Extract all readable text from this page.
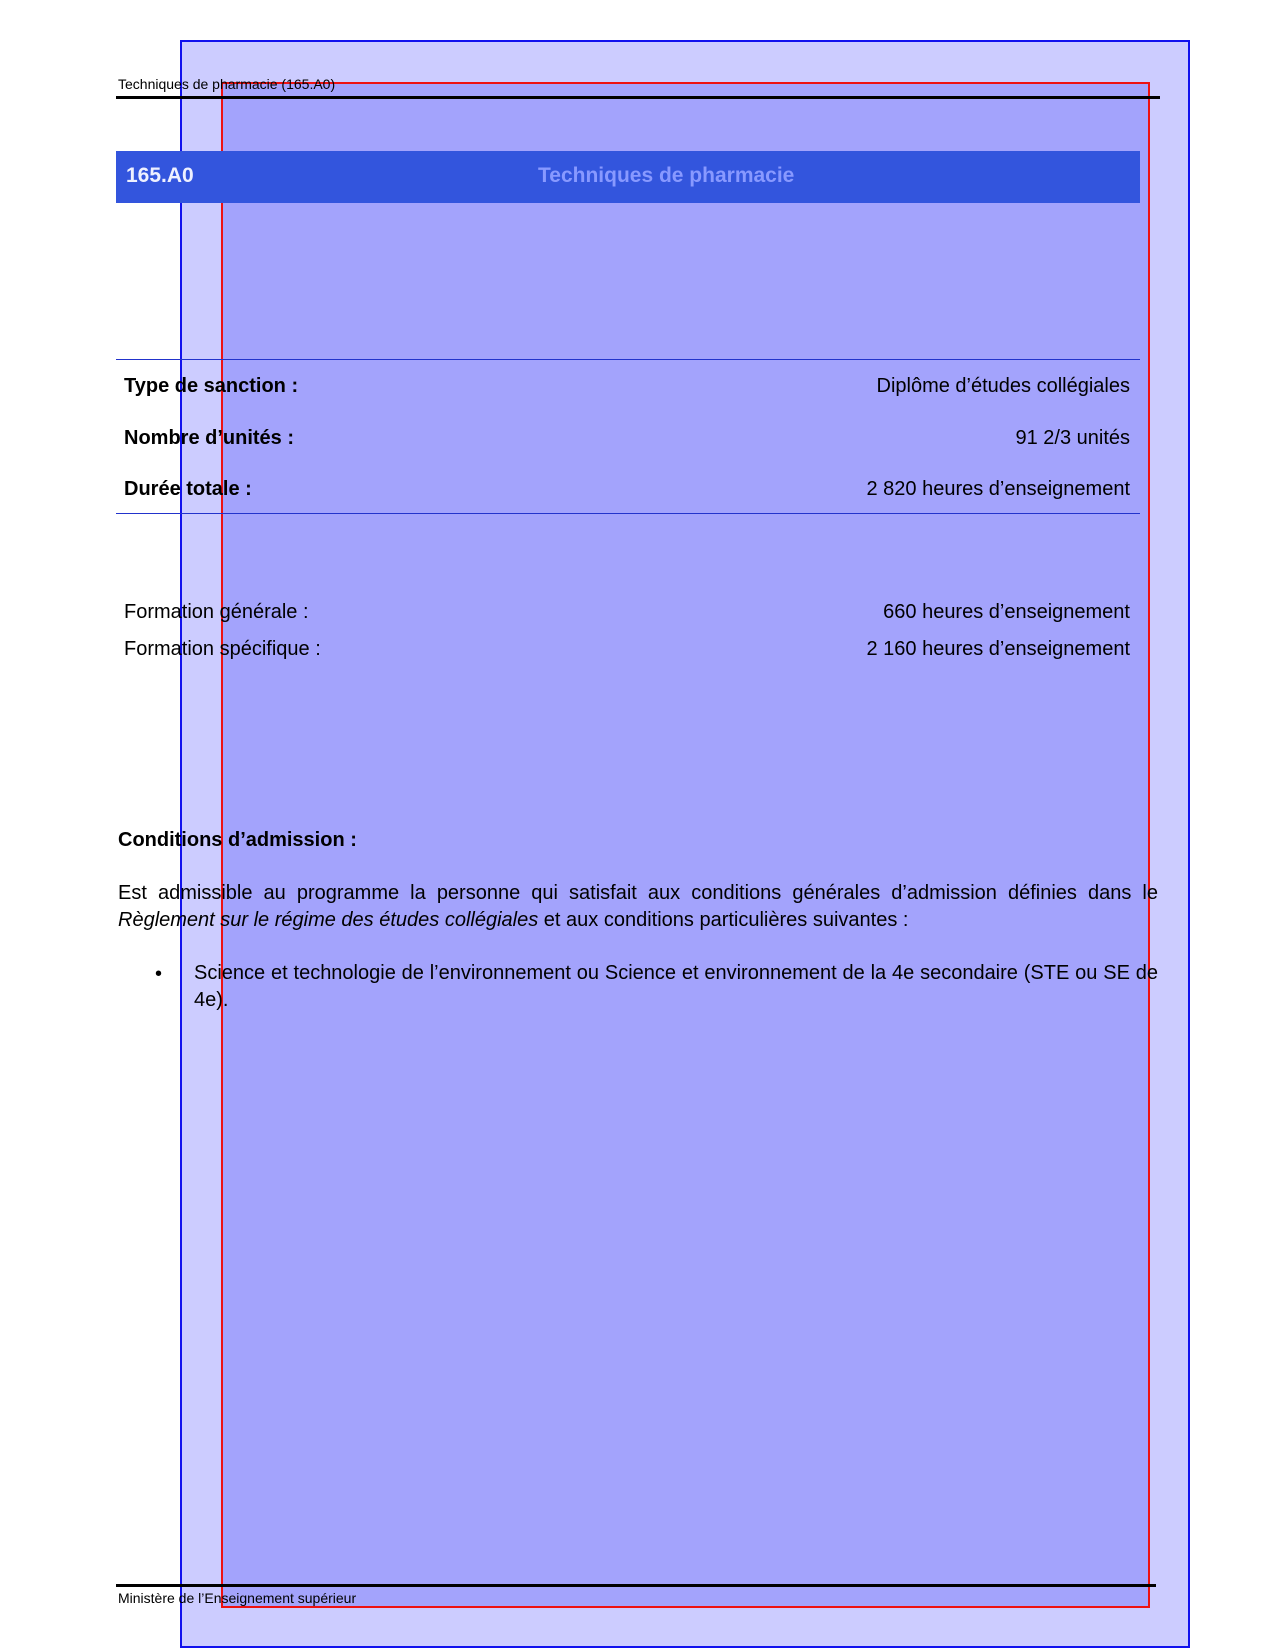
Techniques de pharmacie (165.A0)
165.A0	Techniques de pharmacie
Type de sanction :	Diplôme d’études collégiales
Nombre d’unités :	91 2/3 unités
Durée totale :	2 820 heures d’enseignement
Formation générale :	660 heures d’enseignement
Formation spécifique :	2 160 heures d’enseignement
Conditions d’admission :
Est admissible au programme la personne qui satisfait aux conditions générales d’admission définies dans le Règlement sur le régime des études collégiales et aux conditions particulières suivantes :
• Science et technologie de l’environnement ou Science et environnement de la 4e secondaire (STE ou SE de 4e).
Ministère de l’Enseignement supérieur
